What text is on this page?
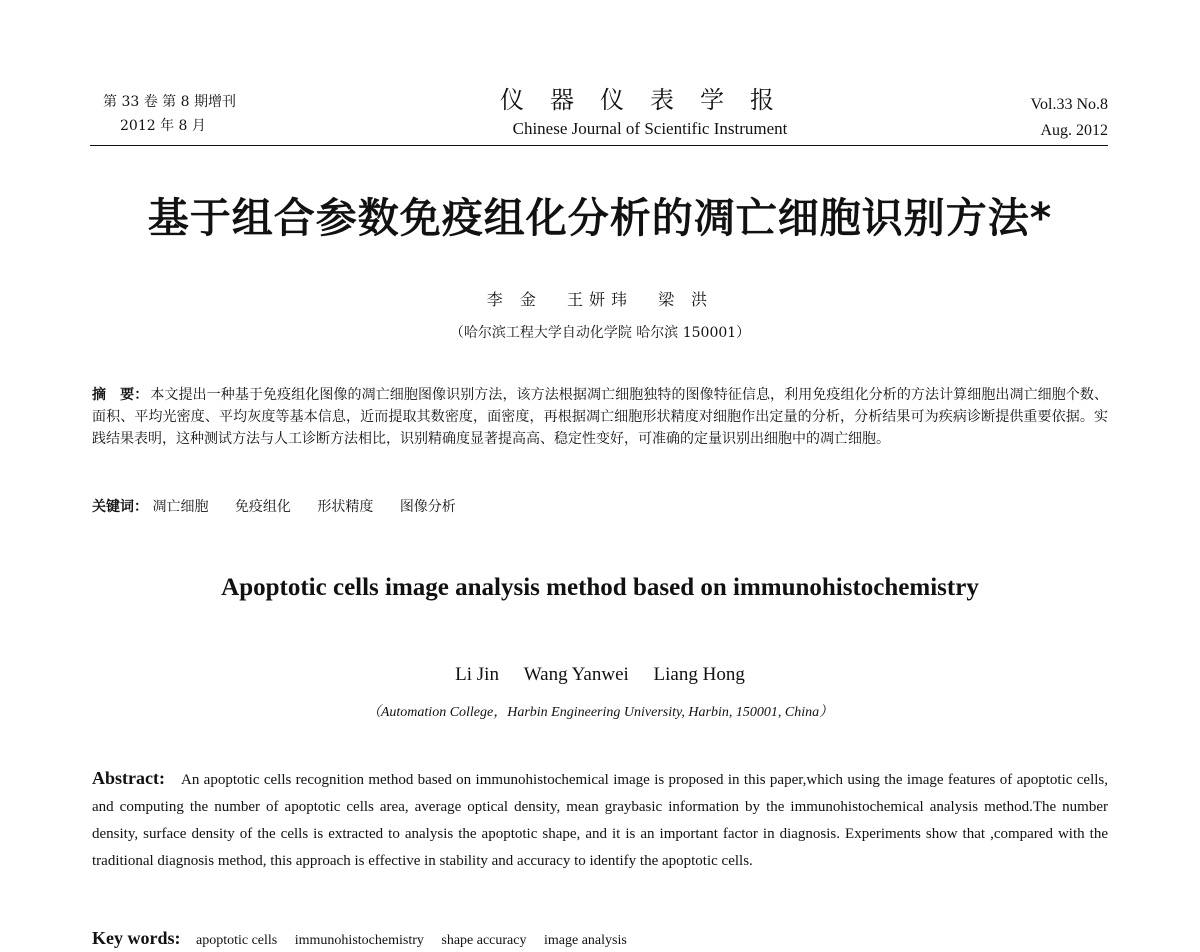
第 33 卷 第 8 期增刊
2012 年 8 月
仪器仪表学报
Chinese Journal of Scientific Instrument
Vol.33 No.8
Aug. 2012
基于组合参数免疫组化分析的凋亡细胞识别方法*
李 金 王妍玮 梁 洪
（哈尔滨工程大学自动化学院 哈尔滨 150001）
摘　要： 本文提出一种基于免疫组化图像的凋亡细胞图像识别方法，该方法根据凋亡细胞独特的图像特征信息，利用免疫组化分析的方法计算细胞出凋亡细胞个数、面积、平均光密度、平均灰度等基本信息，近而提取其数密度，面密度，再根据凋亡细胞形状精度对细胞作出定量的分析，分析结果可为疾病诊断提供重要依据。实践结果表明，这种测试方法与人工诊断方法相比，识别精确度显著提高高、稳定性变好，可准确的定量识别出细胞中的凋亡细胞。
关键词： 凋亡细胞 免疫组化 形状精度 图像分析
Apoptotic cells image analysis method based on immunohistochemistry
Li Jin Wang Yanwei Liang Hong
（Automation College，Harbin Engineering University, Harbin, 150001, China）
Abstract: An apoptotic cells recognition method based on immunohistochemical image is proposed in this paper,which using the image features of apoptotic cells, and computing the number of apoptotic cells area, average optical density, mean graybasic information by the immunohistochemical analysis method.The number density, surface density of the cells is extracted to analysis the apoptotic shape, and it is an important factor in diagnosis. Experiments show that ,compared with the traditional diagnosis method, this approach is effective in stability and accuracy to identify the apoptotic cells.
Key words: apoptotic cells immunohistochemistry shape accuracy image analysis
